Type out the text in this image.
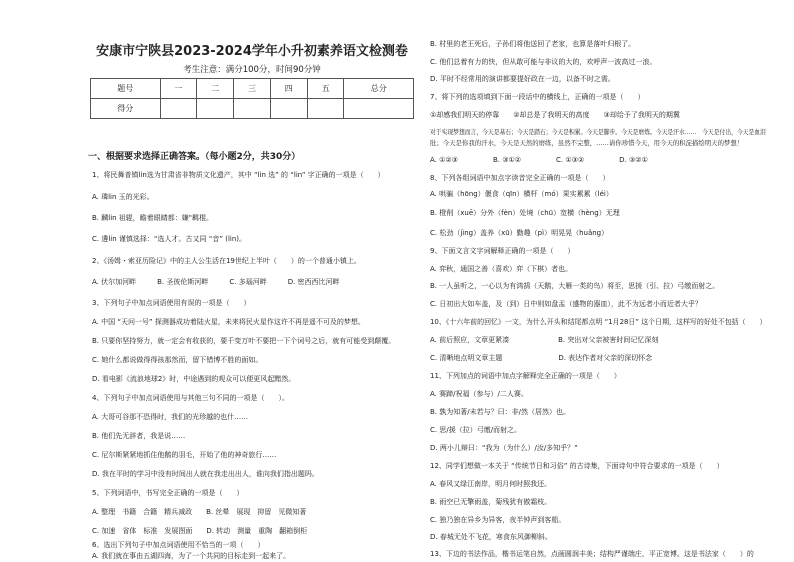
安康市宁陕县2023-2024学年小升初素养语文检测卷
考生注意：满分100分，时间90分钟
题号	一	二	三	四	五	总分
得分						
一、根据要求选择正确答案。（每小题2分，共30分）
1、将民舞普镇lin选为甘肃省非物质文化遗产，其中 “lin 选” 的 “lin” 字正确的一项是（　　）
A. 璘lin 玉的光彩。
B. 麟lin 祖辊，瞻着眼睛都：嫌"羁棍。
C. 遴lin 谨慎选择：“选人才。古又同 “音” (lin)。
2、《汤姆・索亚历险记》中的主人公生活在19世纪上半叶（　　）的一个普通小镇上。
A. 伏尔加河畔　　　B. 圣彼伦斯河畔　　　C. 多瑙河畔　　　D. 密西西比河畔
3、下列句子中加点词语使用有误的一项是（　　）
A. 中国 “天问一号” 探测器成功着陆火星，未来将民火星作这许不再是遥不可及的梦想。
B. 只要你坚持努力，就一定会有收获的，要千变万叶不要把一下个词号之后，就有可能受到颠覆。
C. 她什么都说做得得孩那然而，留下错博不胜的面如。
D. 看电影《流浪地球2》时，中途遇到的观众可以便更风起黯然。
4、下列句子中加点词语使用与其他三句不同的一项是（　　）。
A. 大哥可谷那不恐得时，我们的光珍越的也什……
B. 他们先无辞者，我是说……
C. 尼尔斯紧紧地抓住他鹅的羽毛，开始了他的神奇旅行……
D. 我在平时的学习中没有时间出人就在我走出出人，谁向我们指出题吗。
5、下列词语中，书写完全正确的一项是（　　）
A. 整理　书籍　合籍　精兵减政　　B. 丝晕　展现　抑留　见微知著
C. 加速　省体　标准　发展图面　　D. 转动　测量　重陶　翻箱倒柜
6、选出下列句子中加点词语使用不恰当的一项（　　）
A. 我们就在事由五湖四海，为了一个共同的目标走到一起来了。
B. 村里的老王死后，子孙们将他送回了老家，也算是落叶归根了。
C. 他们总着有力的快，但从敢可能与非议的大的，欢呼声一波高过一浪。
D. 平时不经常用的演讲都要提好政在一边，以备不时之需。
7、将下列的选项填到下面一段话中的横线上，正确的一项是（　　）
①却感我们明天的停靠　　②却总是了我明天的高度　　③却给予了我明天的期冀
对于实现梦想而言，今天是基石；今天是踏石；今天是积累。今天是脚步。今天是磨炼。今天是汗水……　今天是付出，今天是血泪
肚；今天是你我的汗水，今天是天然的磨练，虽然不完整，……请你珍惜今天，用今天的积淀描绘明天的梦想！
A. ①②③　　　　　B. ③①②　　　　　C. ①③②　　　　　D. ③②①
8、下列各组词语中加点字读音完全正确的一项是（　　）
A. 哄骗（hōng）偃食（qīn）横杆（mó）果实累累（léi）
B. 橙削（xuē）分外（fèn）处境（chū）宽横（hèng）无理
C. 松劲（jìng）盖养（xū）勤趣（pì）明晃晃（huǎng）
9、下面文言文字词解释正确的一项是（　　）
A. 弈秋，通国之善（喜欢）弈（下棋）者也。
B. 一人虽听之，一心以为有鸿鹄（天鹅，大雁一类的鸟）将至，思援（引、拉）弓缴而射之。
C. 日初出大如车盖，及（到）日中则如盘盂（盛物的器皿），此不为远者小而近者大乎？
10、《十六年前的回忆》一文，为什么开头和结尾都点明 “1月28日” 这个日期，这样写的好处不包括（　　）
A. 前后照应，文章更紧凑　　　　　　　B. 突出对父亲被害时间记忆深刻
C. 清晰地点明文章主题　　　　　　　　D. 表达作者对父亲的深切怀念
11、下列加点的词语中加点字解释完全正确的一项是（　　）
A. 赛蹄/祝福（参与）/二人赛。
B. 孰为知著/未若与？曰：非/然（居然）也。
C. 思/援（拉）弓缴/而射之。
D. 两小儿辩曰：“我为（为什么）/汝/多知乎？”
12、同学们想做一本关于 “传统节日和习俗” 的古诗集，下面诗句中符合要求的一项是（　　）
A. 春风又绿江南岸，明月何时照我还。
B. 雨空已无擎雨盖，菊残犹有傲霜枝。
C. 独乃独在异乡为异客，夜半钟声到客船。
D. 春城无处不飞花，寒食东风御柳斜。
13、下边的书法作品，楷书运笔自然，点画圆润丰美；结构严谨端庄，平正宽博。这是书法家（　　）的
